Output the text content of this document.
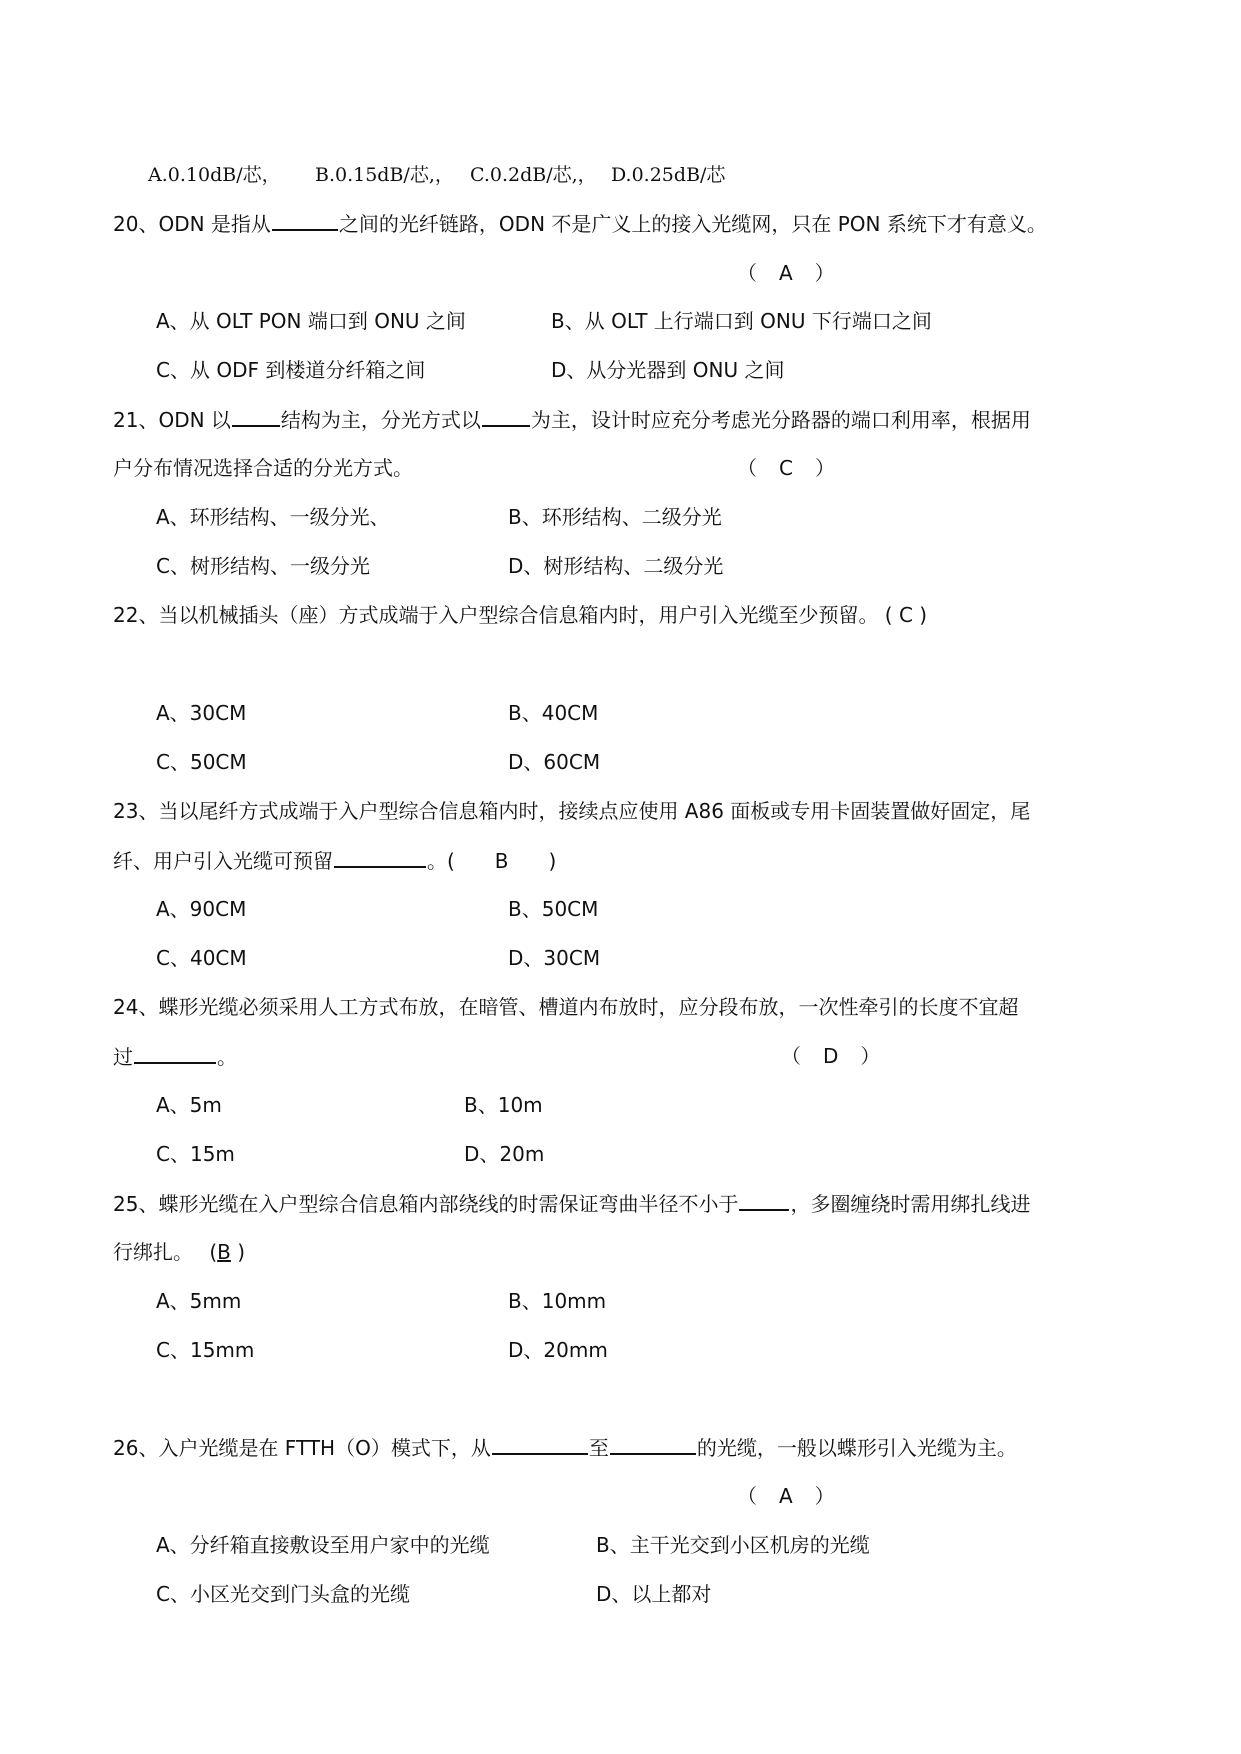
A.0.10dB/芯， B.0.15dB/芯,， C.0.2dB/芯,， D.0.25dB/芯
20、ODN 是指从	之间的光纤链路，ODN 不是广义上的接入光缆网，只在 PON 系统下才有意义。
（　A　）
A、从 OLT PON 端口到 ONU 之间	B、从 OLT 上行端口到 ONU 下行端口之间
C、从 ODF 到楼道分纤箱之间	D、从分光器到 ONU 之间
21、ODN 以	结构为主，分光方式以	为主，设计时应充分考虑光分路器的端口利用率，根据用
户分布情况选择合适的分光方式。	（　C　）
A、环形结构、一级分光、	B、环形结构、二级分光
C、树形结构、一级分光	D、树形结构、二级分光
22、当以机械插头（座）方式成端于入户型综合信息箱内时，用户引入光缆至少预留。 ( C )
A、30CM	B、40CM
C、50CM	D、60CM
23、当以尾纤方式成端于入户型综合信息箱内时，接续点应使用 A86 面板或专用卡固装置做好固定，尾
纤、用户引入光缆可预留	。(　　B　　)
A、90CM	B、50CM
C、40CM	D、30CM
24、蝶形光缆必须采用人工方式布放，在暗管、槽道内布放时，应分段布放，一次性牵引的长度不宜超
过	。	（　D　）
A、5m	B、10m
C、15m	D、20m
25、蝶形光缆在入户型综合信息箱内部绕线的时需保证弯曲半径不小于	，多圈缠绕时需用绑扎线进
行绑扎。　 (B )
A、5mm	B、10mm
C、15mm	D、20mm
26、入户光缆是在 FTTH（O）模式下，从	至	的光缆，一般以蝶形引入光缆为主。
（　A　）
A、分纤箱直接敷设至用户家中的光缆	B、主干光交到小区机房的光缆
C、小区光交到门头盒的光缆	D、以上都对
